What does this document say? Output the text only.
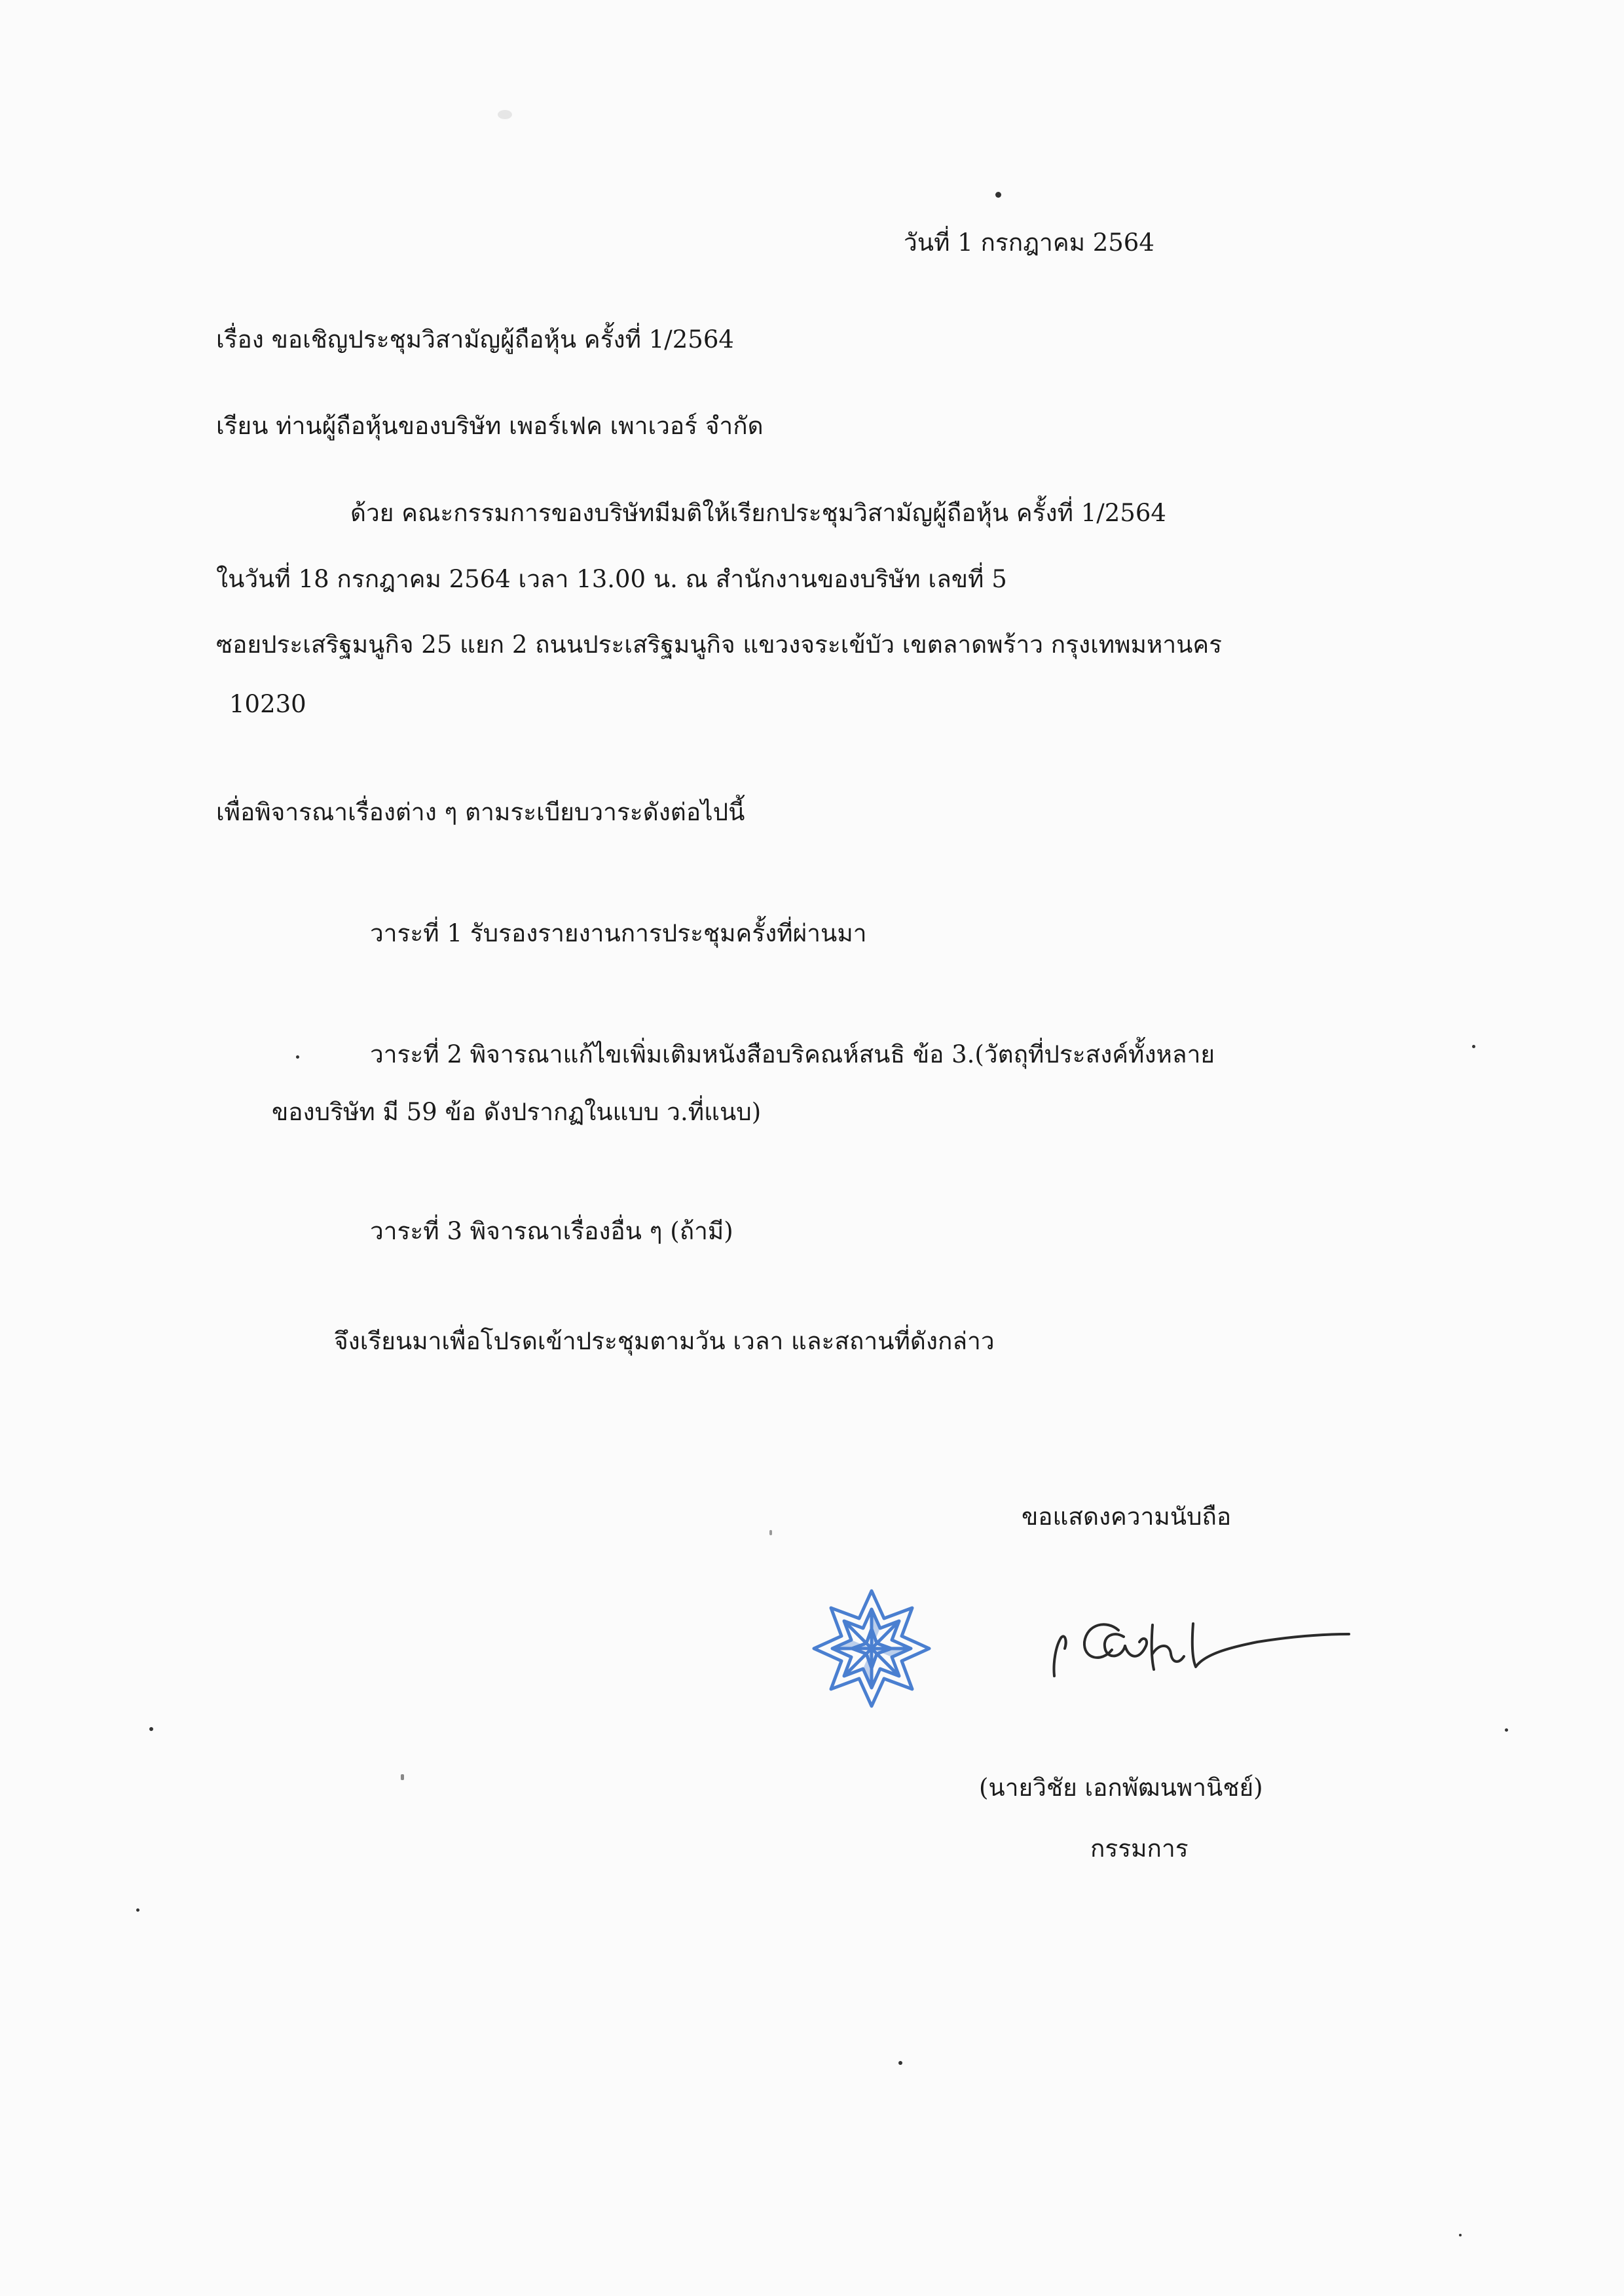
วันที่ 1 กรกฎาคม 2564
เรื่อง ขอเชิญประชุมวิสามัญผู้ถือหุ้น ครั้งที่ 1/2564
เรียน ท่านผู้ถือหุ้นของบริษัท เพอร์เฟค เพาเวอร์ จำกัด
ด้วย คณะกรรมการของบริษัทมีมติให้เรียกประชุมวิสามัญผู้ถือหุ้น ครั้งที่ 1/2564
ในวันที่ 18 กรกฎาคม 2564 เวลา 13.00 น. ณ สำนักงานของบริษัท เลขที่ 5
ซอยประเสริฐมนูกิจ 25 แยก 2 ถนนประเสริฐมนูกิจ แขวงจระเข้บัว เขตลาดพร้าว กรุงเทพมหานคร
10230
เพื่อพิจารณาเรื่องต่าง ๆ ตามระเบียบวาระดังต่อไปนี้
วาระที่ 1 รับรองรายงานการประชุมครั้งที่ผ่านมา
วาระที่ 2 พิจารณาแก้ไขเพิ่มเติมหนังสือบริคณห์สนธิ ข้อ 3.(วัตถุที่ประสงค์ทั้งหลาย
ของบริษัท มี 59 ข้อ ดังปรากฏในแบบ ว.ที่แนบ)
วาระที่ 3 พิจารณาเรื่องอื่น ๆ (ถ้ามี)
จึงเรียนมาเพื่อโปรดเข้าประชุมตามวัน เวลา และสถานที่ดังกล่าว
ขอแสดงความนับถือ
(นายวิชัย เอกพัฒนพานิชย์)
กรรมการ
